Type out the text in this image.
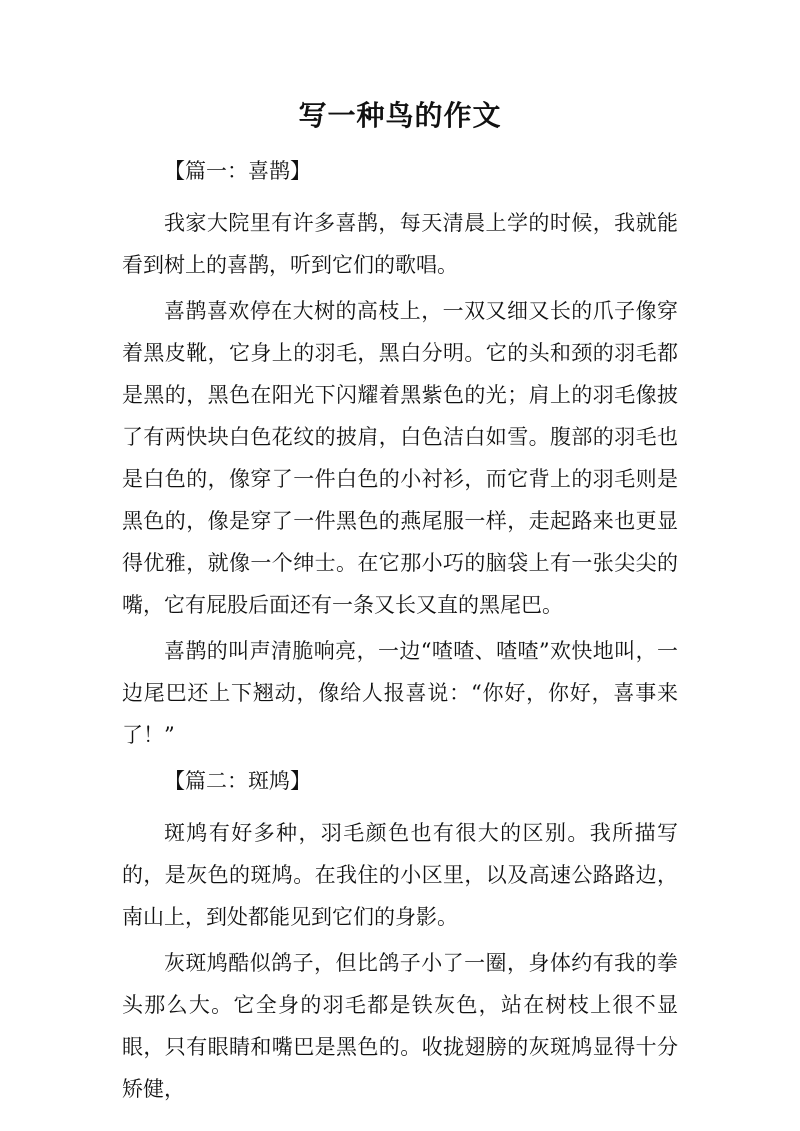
写一种鸟的作文

【篇一：喜鹊】

我家大院里有许多喜鹊，每天清晨上学的时候，我就能看到树上的喜鹊，听到它们的歌唱。

喜鹊喜欢停在大树的高枝上，一双又细又长的爪子像穿着黑皮靴，它身上的羽毛，黑白分明。它的头和颈的羽毛都是黑的，黑色在阳光下闪耀着黑紫色的光；肩上的羽毛像披了有两快块白色花纹的披肩，白色洁白如雪。腹部的羽毛也是白色的，像穿了一件白色的小衬衫，而它背上的羽毛则是黑色的，像是穿了一件黑色的燕尾服一样，走起路来也更显得优雅，就像一个绅士。在它那小巧的脑袋上有一张尖尖的嘴，它有屁股后面还有一条又长又直的黑尾巴。

喜鹊的叫声清脆响亮，一边“喳喳、喳喳”欢快地叫，一边尾巴还上下翘动，像给人报喜说：“你好，你好，喜事来了！”

【篇二：斑鸠】

斑鸠有好多种，羽毛颜色也有很大的区别。我所描写的，是灰色的斑鸠。在我住的小区里，以及高速公路路边，南山上，到处都能见到它们的身影。

灰斑鸠酷似鸽子，但比鸽子小了一圈，身体约有我的拳头那么大。它全身的羽毛都是铁灰色，站在树枝上很不显眼，只有眼睛和嘴巴是黑色的。收拢翅膀的灰斑鸠显得十分矫健，
